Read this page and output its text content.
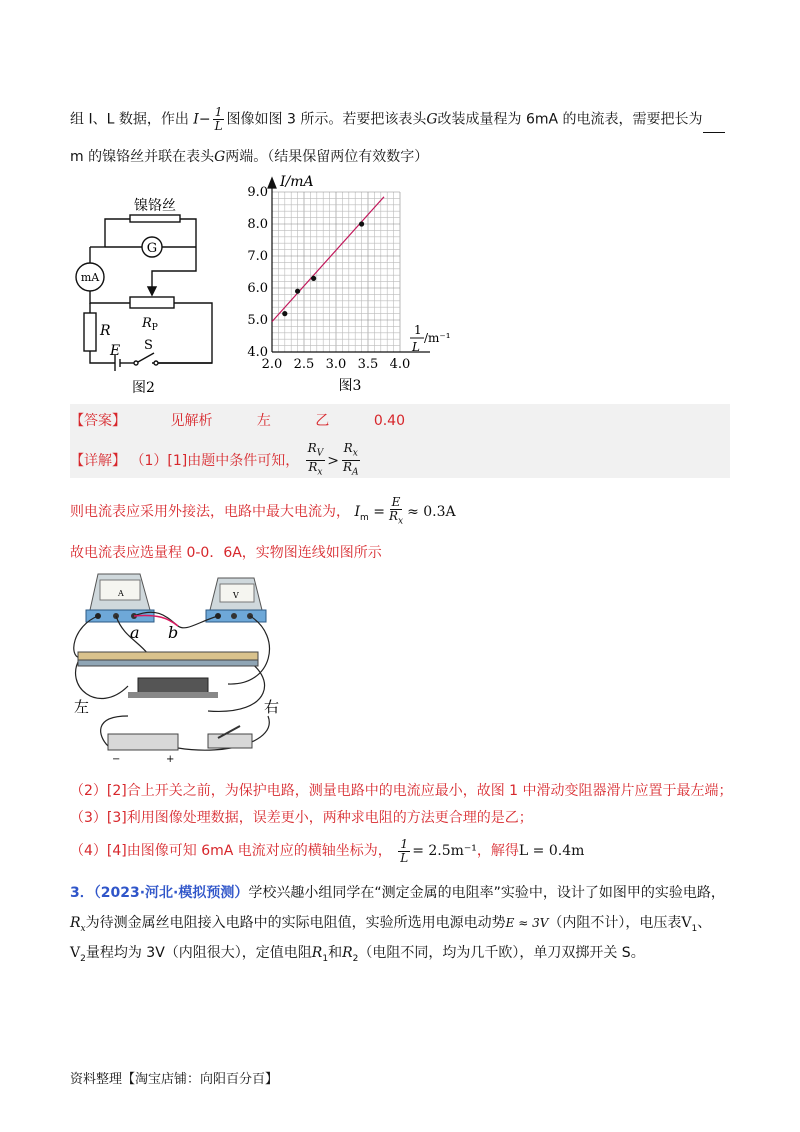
组 I、L 数据，作出 $I- \frac{1}{L}$ 图像如图 3 所示。若要把该表头G改装成量程为 6mA 的电流表，需要把长为
m 的镍铬丝并联在表头G两端。（结果保留两位有效数字）
镍铬丝
G
mA
$R_P$
R
E S
图2
4.0
5.0
6.0
7.0
8.0
9.0
2.0 2.5 3.0 3.5 4.0
I/mA
1
L
/m⁻¹
图3
【答案】	见解析	左	乙	0.40
【详解】 （1）[1]由题中条件可知， $\frac{R_V}{R_x} > \frac{R_x}{R_A}$
则电流表应采用外接法，电路中最大电流为， $I_m = \frac{E}{R_x} \approx 0.3A$
故电流表应选量程 0-0．6A，实物图连线如图所示
A	V
a b
左	右
−	+
（2）[2]合上开关之前，为保护电路，测量电路中的电流应最小，故图 1 中滑动变阻器滑片应置于最左端；
（3）[3]利用图像处理数据，误差更小，两种求电阻的方法更合理的是乙；
（4）[4]由图像可知 6mA 电流对应的横轴坐标为， $\frac{1}{L} = 2.5m^{-1}$，解得L = 0.4m
3．（2023·河北·模拟预测）学校兴趣小组同学在“测定金属的电阻率”实验中，设计了如图甲的实验电路，
$R_x$为待测金属丝电阻接入电路中的实际电阻值，实验所选用电源电动势E ≈ 3V（内阻不计），电压表$V_1$、
$V_2$量程均为 3V（内阻很大），定值电阻$R_1$和$R_2$（电阻不同，均为几千欧），单刀双掷开关 S。
资料整理【淘宝店铺：向阳百分百】
